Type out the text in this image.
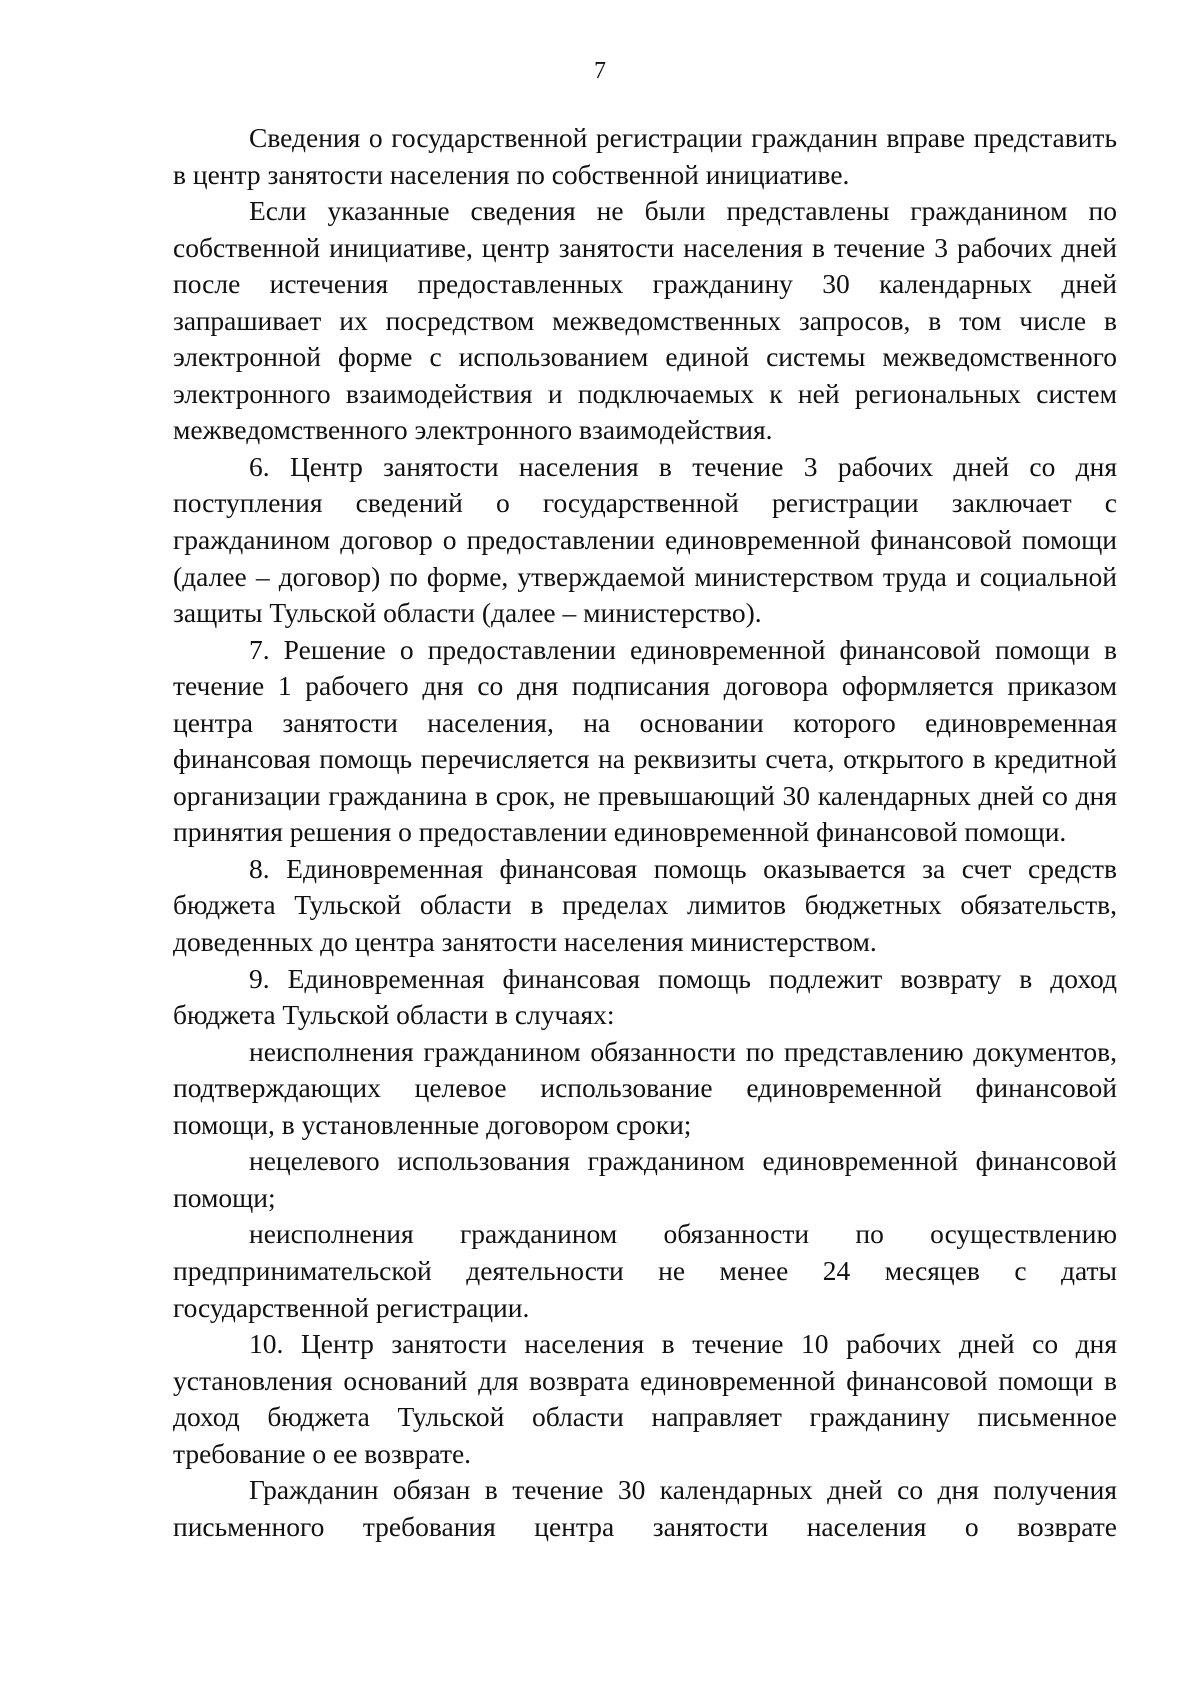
7

Сведения о государственной регистрации гражданин вправе представить в центр занятости населения по собственной инициативе.

Если указанные сведения не были представлены гражданином по собственной инициативе, центр занятости населения в течение 3 рабочих дней после истечения предоставленных гражданину 30 календарных дней запрашивает их посредством межведомственных запросов, в том числе в электронной форме с использованием единой системы межведомственного электронного взаимодействия и подключаемых к ней региональных систем межведомственного электронного взаимодействия.

6. Центр занятости населения в течение 3 рабочих дней со дня поступления сведений о государственной регистрации заключает с гражданином договор о предоставлении единовременной финансовой помощи (далее – договор) по форме, утверждаемой министерством труда и социальной защиты Тульской области (далее – министерство).

7. Решение о предоставлении единовременной финансовой помощи в течение 1 рабочего дня со дня подписания договора оформляется приказом центра занятости населения, на основании которого единовременная финансовая помощь перечисляется на реквизиты счета, открытого в кредитной организации гражданина в срок, не превышающий 30 календарных дней со дня принятия решения о предоставлении единовременной финансовой помощи.

8. Единовременная финансовая помощь оказывается за счет средств бюджета Тульской области в пределах лимитов бюджетных обязательств, доведенных до центра занятости населения министерством.

9. Единовременная финансовая помощь подлежит возврату в доход бюджета Тульской области в случаях:

неисполнения гражданином обязанности по представлению документов, подтверждающих целевое использование единовременной финансовой помощи, в установленные договором сроки;

нецелевого использования гражданином единовременной финансовой помощи;

неисполнения гражданином обязанности по осуществлению предпринимательской деятельности не менее 24 месяцев с даты государственной регистрации.

10. Центр занятости населения в течение 10 рабочих дней со дня установления оснований для возврата единовременной финансовой помощи в доход бюджета Тульской области направляет гражданину письменное требование о ее возврате.

Гражданин обязан в течение 30 календарных дней со дня получения письменного требования центра занятости населения о возврате
